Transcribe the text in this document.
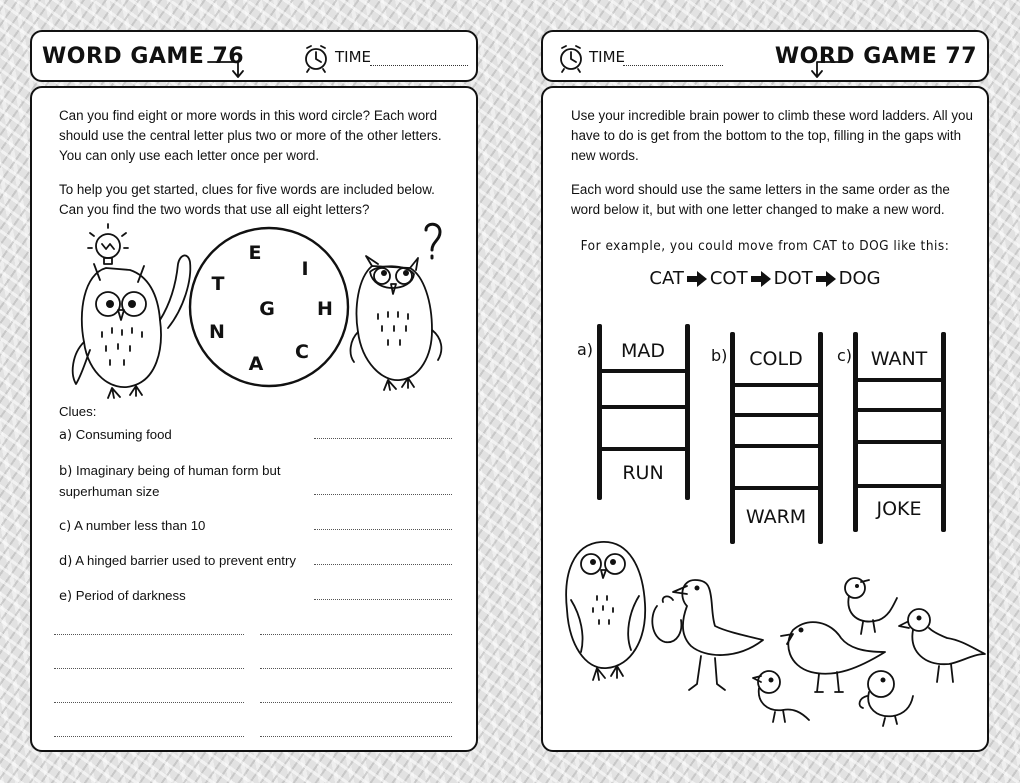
WORD GAME 76	TIME
Can you find eight or more words in this word circle? Each word should use the central letter plus two or more of the other letters. You can only use each letter once per word.
To help you get started, clues for five words are included below. Can you find the two words that use all eight letters?
G
E
I
H
C
A
N
T
Clues:
a) Consuming food
b) Imaginary being of human form but superhuman size
c) A number less than 10
d) A hinged barrier used to prevent entry
e) Period of darkness
TIME	WORD GAME 77
Use your incredible brain power to climb these word ladders. All you have to do is get from the bottom to the top, filling in the gaps with new words.
Each word should use the same letters in the same order as the word below it, but with one letter changed to make a new word.
For example, you could move from CAT to DOG like this:
CAT COT DOT DOG
a) MAD
RUN
b) COLD
WARM
c) WANT
JOKE
